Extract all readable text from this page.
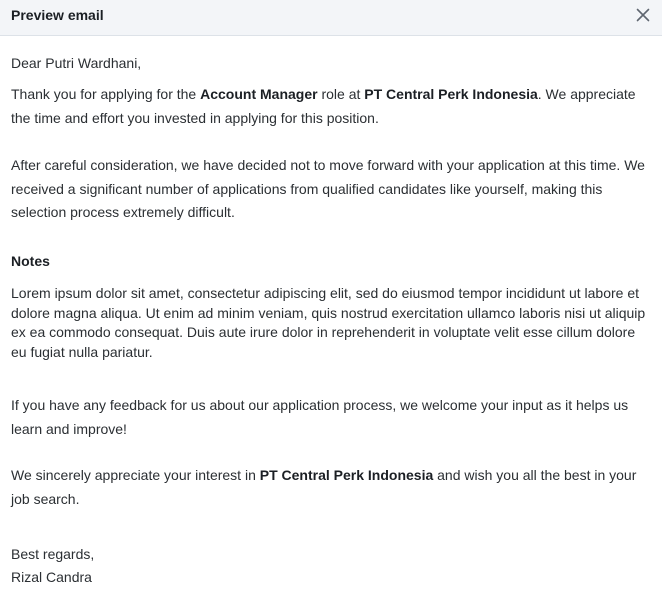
Preview email

Dear Putri Wardhani,

Thank you for applying for the Account Manager role at PT Central Perk Indonesia. We appreciate the time and effort you invested in applying for this position.

After careful consideration, we have decided not to move forward with your application at this time. We received a significant number of applications from qualified candidates like yourself, making this selection process extremely difficult.

Notes

Lorem ipsum dolor sit amet, consectetur adipiscing elit, sed do eiusmod tempor incididunt ut labore et dolore magna aliqua. Ut enim ad minim veniam, quis nostrud exercitation ullamco laboris nisi ut aliquip ex ea commodo consequat. Duis aute irure dolor in reprehenderit in voluptate velit esse cillum dolore eu fugiat nulla pariatur.

If you have any feedback for us about our application process, we welcome your input as it helps us learn and improve!

We sincerely appreciate your interest in PT Central Perk Indonesia and wish you all the best in your job search.

Best regards,

Rizal Candra
